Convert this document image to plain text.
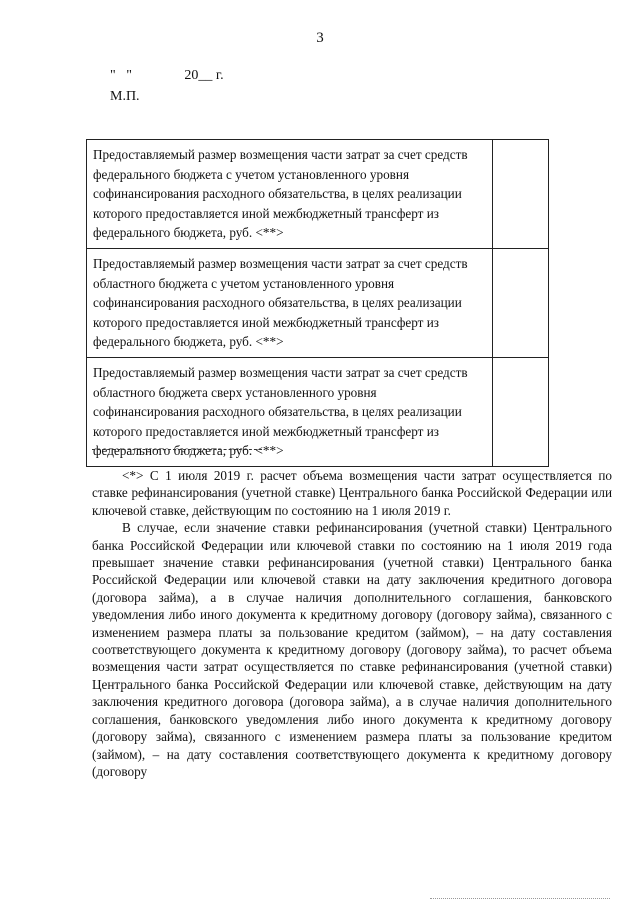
3
"   "               20__ г.
М.П.
Предоставляемый размер возмещения части затрат за счет средств федерального бюджета с учетом установленного уровня софинансирования расходного обязательства, в целях реализации которого предоставляется иной межбюджетный трансферт из федерального бюджета, руб. <**>	
Предоставляемый размер возмещения части затрат за счет средств областного бюджета с учетом установленного уровня софинансирования расходного обязательства, в целях реализации которого предоставляется иной межбюджетный трансферт из федерального бюджета, руб. <**>	
Предоставляемый размер возмещения части затрат за счет средств областного бюджета сверх установленного уровня софинансирования расходного обязательства, в целях реализации которого предоставляется иной межбюджетный трансферт из федерального бюджета, руб. <**>	

<*> С 1 июля 2019 г. расчет объема возмещения части затрат осуществляется по ставке рефинансирования (учетной ставке) Центрального банка Российской Федерации или ключевой ставке, действующим по состоянию на 1 июля 2019 г.

В случае, если значение ставки рефинансирования (учетной ставки) Центрального банка Российской Федерации или ключевой ставки по состоянию на 1 июля 2019 года превышает значение ставки рефинансирования (учетной ставки) Центрального банка Российской Федерации или ключевой ставки на дату заключения кредитного договора (договора займа), а в случае наличия дополнительного соглашения, банковского уведомления либо иного документа к кредитному договору (договору займа), связанного с изменением размера платы за пользование кредитом (займом), – на дату составления соответствующего документа к кредитному договору (договору займа), то расчет объема возмещения части затрат осуществляется по ставке рефинансирования (учетной ставки) Центрального банка Российской Федерации или ключевой ставке, действующим на дату заключения кредитного договора (договора займа), а в случае наличия дополнительного соглашения, банковского уведомления либо иного документа к кредитному договору (договору займа), связанного с изменением размера платы за пользование кредитом (займом), – на дату составления соответствующего документа к кредитному договору (договору
